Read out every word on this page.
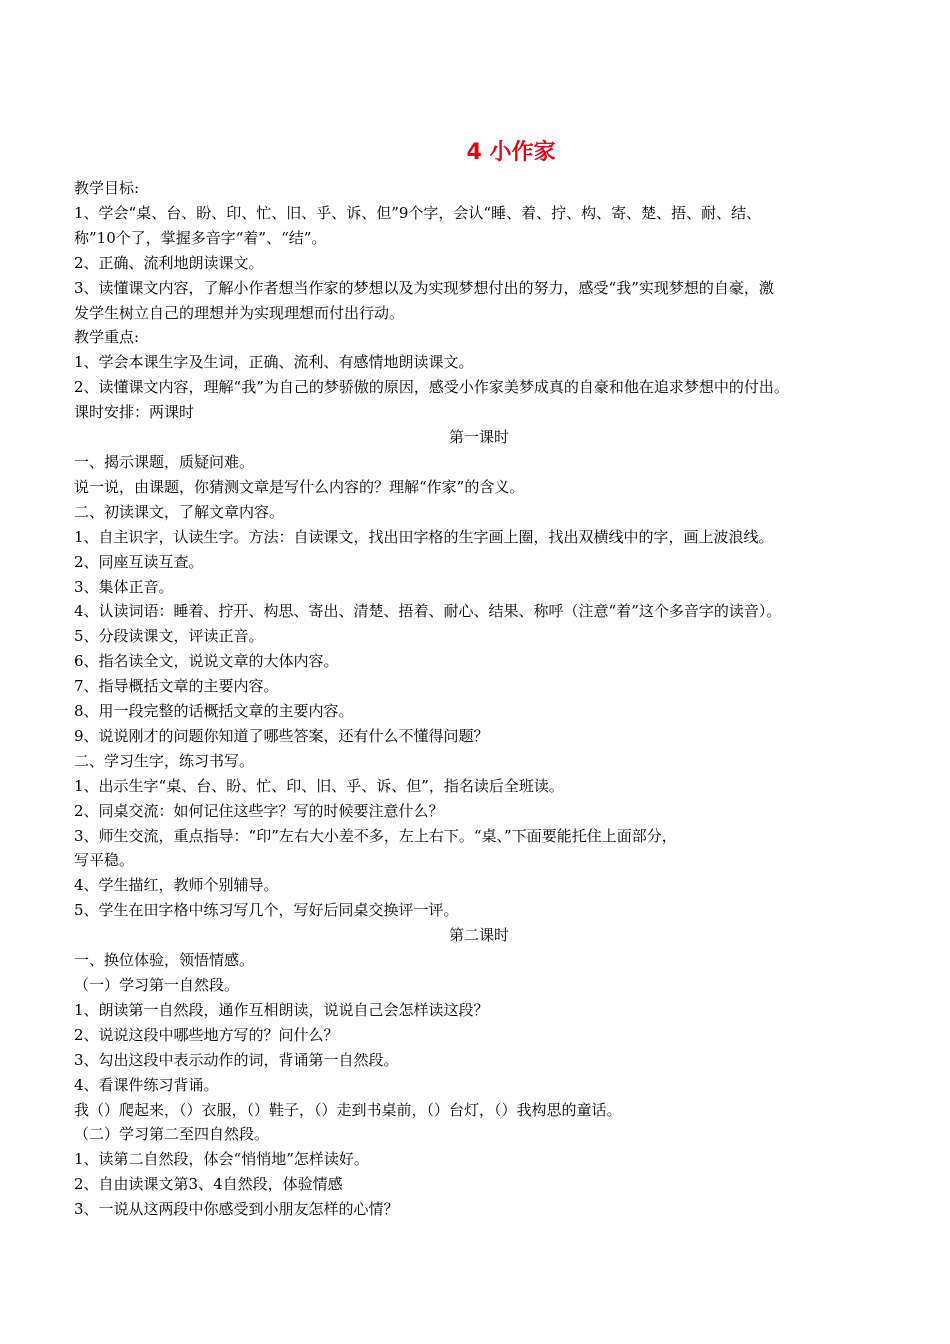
4 小作家
教学目标:
1、学会“桌、台、盼、印、忙、旧、乎、诉、但”9个字，会认“睡、着、拧、构、寄、楚、捂、耐、结、
称”10个了，掌握多音字“着”、“结”。
2、正确、流利地朗读课文。
3、读懂课文内容，了解小作者想当作家的梦想以及为实现梦想付出的努力，感受“我”实现梦想的自豪，激
发学生树立自己的理想并为实现理想而付出行动。
教学重点:
1、学会本课生字及生词，正确、流利、有感情地朗读课文。
2、读懂课文内容，理解“我”为自己的梦骄傲的原因，感受小作家美梦成真的自豪和他在追求梦想中的付出。
课时安排：两课时
第一课时
一、揭示课题，质疑问难。
说一说，由课题，你猜测文章是写什么内容的？理解“作家”的含义。
二、初读课文，了解文章内容。
1、自主识字，认读生字。方法：自读课文，找出田字格的生字画上圈，找出双横线中的字，画上波浪线。
2、同座互读互查。
3、集体正音。
4、认读词语：睡着、拧开、构思、寄出、清楚、捂着、耐心、结果、称呼（注意“着”这个多音字的读音）。
5、分段读课文，评读正音。
6、指名读全文，说说文章的大体内容。
7、指导概括文章的主要内容。
8、用一段完整的话概括文章的主要内容。
9、说说刚才的问题你知道了哪些答案，还有什么不懂得问题？
二、学习生字，练习书写。
1、出示生字“桌、台、盼、忙、印、旧、乎、诉、但”，指名读后全班读。
2、同桌交流：如何记住这些字？写的时候要注意什么？
3、师生交流，重点指导：“印”左右大小差不多，左上右下。“桌、”下面要能托住上面部分，
写平稳。
4、学生描红，教师个别辅导。
5、学生在田字格中练习写几个，写好后同桌交换评一评。
第二课时
一、换位体验，领悟情感。
（一）学习第一自然段。
1、朗读第一自然段，通作互相朗读，说说自己会怎样读这段？
2、说说这段中哪些地方写的？问什么？
3、勾出这段中表示动作的词，背诵第一自然段。
4、看课件练习背诵。
我（）爬起来，（）衣服，（）鞋子，（）走到书桌前，（）台灯，（）我构思的童话。
（二）学习第二至四自然段。
1、读第二自然段，体会“悄悄地”怎样读好。
2、自由读课文第3、4自然段，体验情感
3、一说从这两段中你感受到小朋友怎样的心情？
